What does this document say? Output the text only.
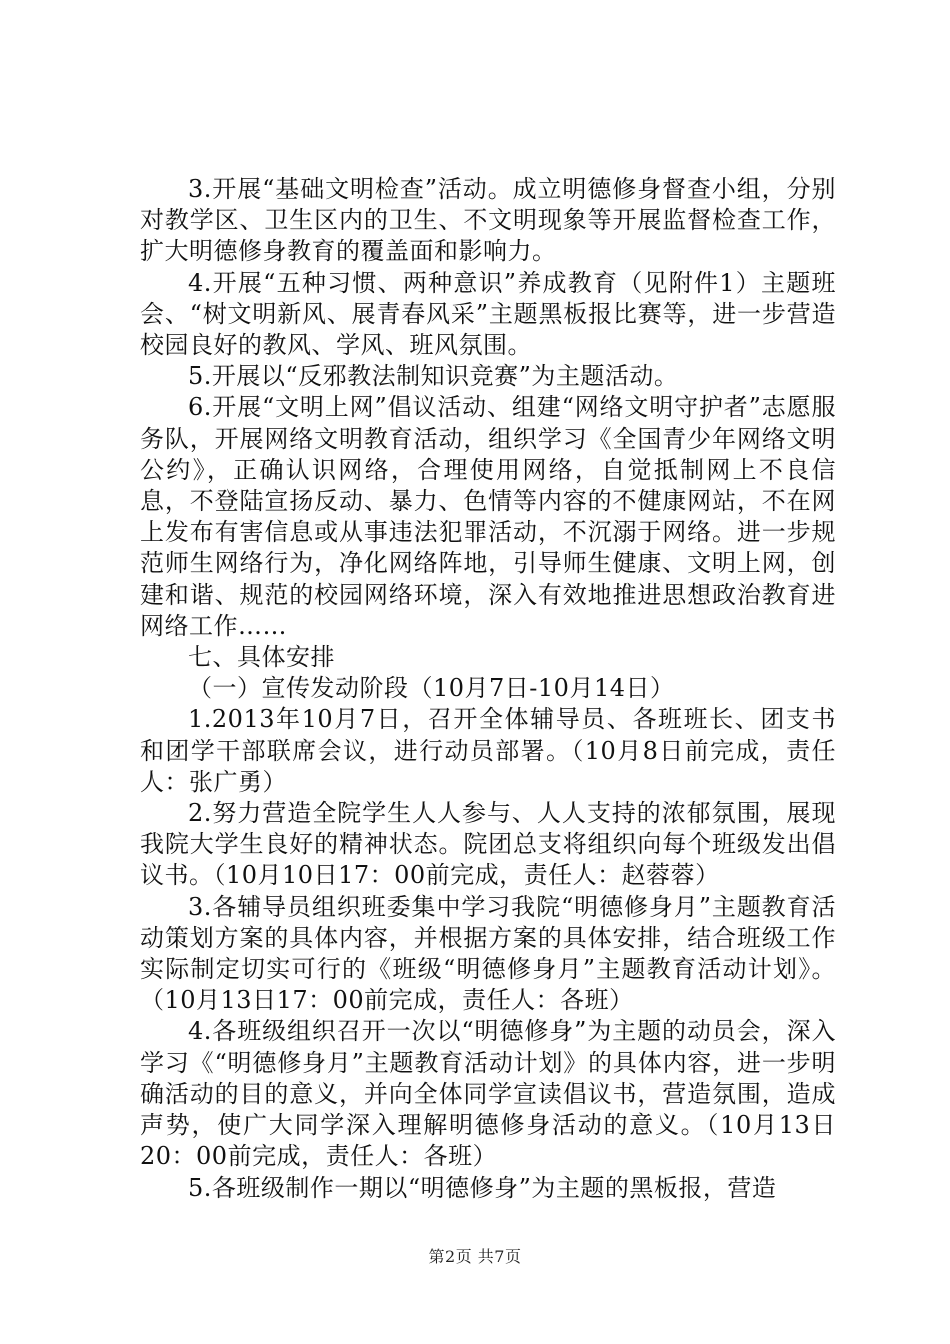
3.开展“基础文明检查”活动。成立明德修身督查小组，分别对教学区、卫生区内的卫生、不文明现象等开展监督检查工作，扩大明德修身教育的覆盖面和影响力。

4.开展“五种习惯、两种意识”养成教育（见附件1）主题班会、“树文明新风、展青春风采”主题黑板报比赛等，进一步营造校园良好的教风、学风、班风氛围。

5.开展以“反邪教法制知识竞赛”为主题活动。

6.开展“文明上网”倡议活动、组建“网络文明守护者”志愿服务队，开展网络文明教育活动，组织学习《全国青少年网络文明公约》，正确认识网络，合理使用网络，自觉抵制网上不良信息，不登陆宣扬反动、暴力、色情等内容的不健康网站，不在网上发布有害信息或从事违法犯罪活动，不沉溺于网络。进一步规范师生网络行为，净化网络阵地，引导师生健康、文明上网，创建和谐、规范的校园网络环境，深入有效地推进思想政治教育进网络工作……

七、具体安排

（一）宣传发动阶段（10月7日-10月14日）

1.2013年10月7日，召开全体辅导员、各班班长、团支书和团学干部联席会议，进行动员部署。（10月8日前完成，责任人：张广勇）

2.努力营造全院学生人人参与、人人支持的浓郁氛围，展现我院大学生良好的精神状态。院团总支将组织向每个班级发出倡议书。（10月10日17：00前完成，责任人：赵蓉蓉）

3.各辅导员组织班委集中学习我院“明德修身月”主题教育活动策划方案的具体内容，并根据方案的具体安排，结合班级工作实际制定切实可行的《班级“明德修身月”主题教育活动计划》。（10月13日17：00前完成，责任人：各班）

4.各班级组织召开一次以“明德修身”为主题的动员会，深入学习《“明德修身月”主题教育活动计划》的具体内容，进一步明确活动的目的意义，并向全体同学宣读倡议书，营造氛围，造成声势，使广大同学深入理解明德修身活动的意义。（10月13日20：00前完成，责任人：各班）

5.各班级制作一期以“明德修身”为主题的黑板报，营造

第2页 共7页
